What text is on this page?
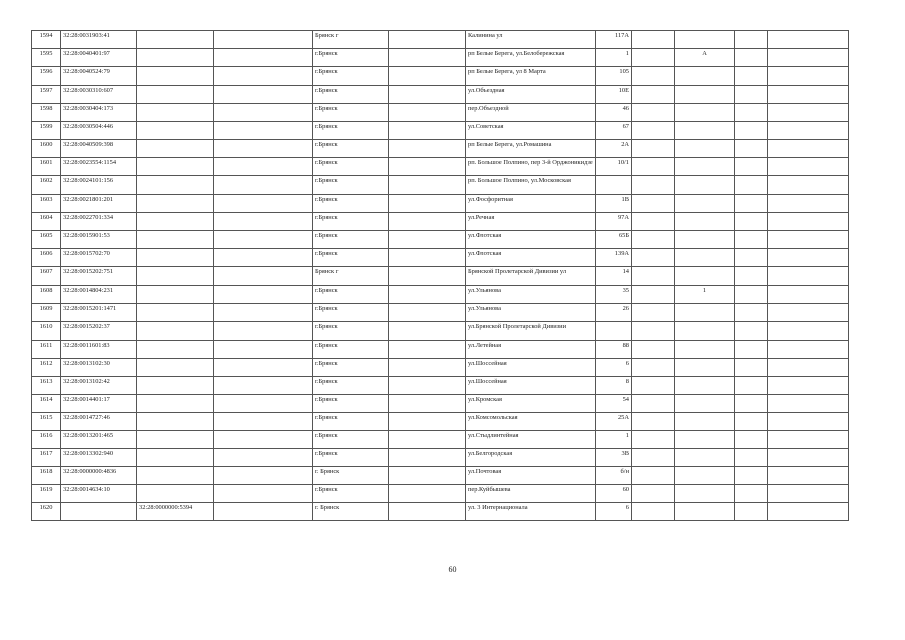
1594	32:28:0031903:41			Брянск г		Калинина ул	117А				
1595	32:28:0040401:97			г.Брянск		рп Белые Берега, ул.Белобережская	1		А		
1596	32:28:0040524:79			г.Брянск		рп Белые Берега, ул 8 Марта	105				
1597	32:28:0030310:607			г.Брянск		ул.Объездная	10Е				
1598	32:28:0030404:173			г.Брянск		пер.Объездной	46				
1599	32:28:0030504:446			г.Брянск		ул.Советская	67				
1600	32:28:0040509:398			г.Брянск		рп Белые Берега, ул.Ромашина	2А				
1601	32:28:0023554:1154			г.Брянск		рп. Большое Полпино, пер 3-й Орджоникидзе	10/1				
1602	32:28:0024101:156			г.Брянск		рп. Большое Полпино, ул.Московская					
1603	32:28:0021801:201			г.Брянск		ул.Фосфоритная	1В				
1604	32:28:0022701:334			г.Брянск		ул.Речная	97А				
1605	32:28:0015901:53			г.Брянск		ул.Флотская	65Б				
1606	32:28:0015702:70			г.Брянск		ул.Флотская	139А				
1607	32:28:0015202:751			Брянск г		Брянской Пролетарской Дивизии ул	14				
1608	32:28:0014804:231			г.Брянск		ул.Ульянова	35		1		
1609	32:28:0015201:1471			г.Брянск		ул.Ульянова	26				
1610	32:28:0015202:37			г.Брянск		ул.Брянской Пролетарской Дивизии					
1611	32:28:0011601:83			г.Брянск		ул.Летейная	88				
1612	32:28:0013102:30			г.Брянск		ул.Шоссейная	6				
1613	32:28:0013102:42			г.Брянск		ул.Шоссейная	8				
1614	32:28:0014401:17			г.Брянск		ул.Кромская	54				
1615	32:28:0014727:46			г.Брянск		ул.Комсомольская	25А				
1616	32:28:0013201:465			г.Брянск		ул.Стыдлинтейная	1				
1617	32:28:0013302:940			г.Брянск		ул.Белгородская	3В				
1618	32:28:0000000:4836			г. Брянск		ул.Почтовая	б/н				
1619	32:28:0014634:10			г.Брянск		пер.Куйбышева	60				
1620		32:28:0000000:5394		г. Брянск		ул. 3 Интернационала	6				
60
